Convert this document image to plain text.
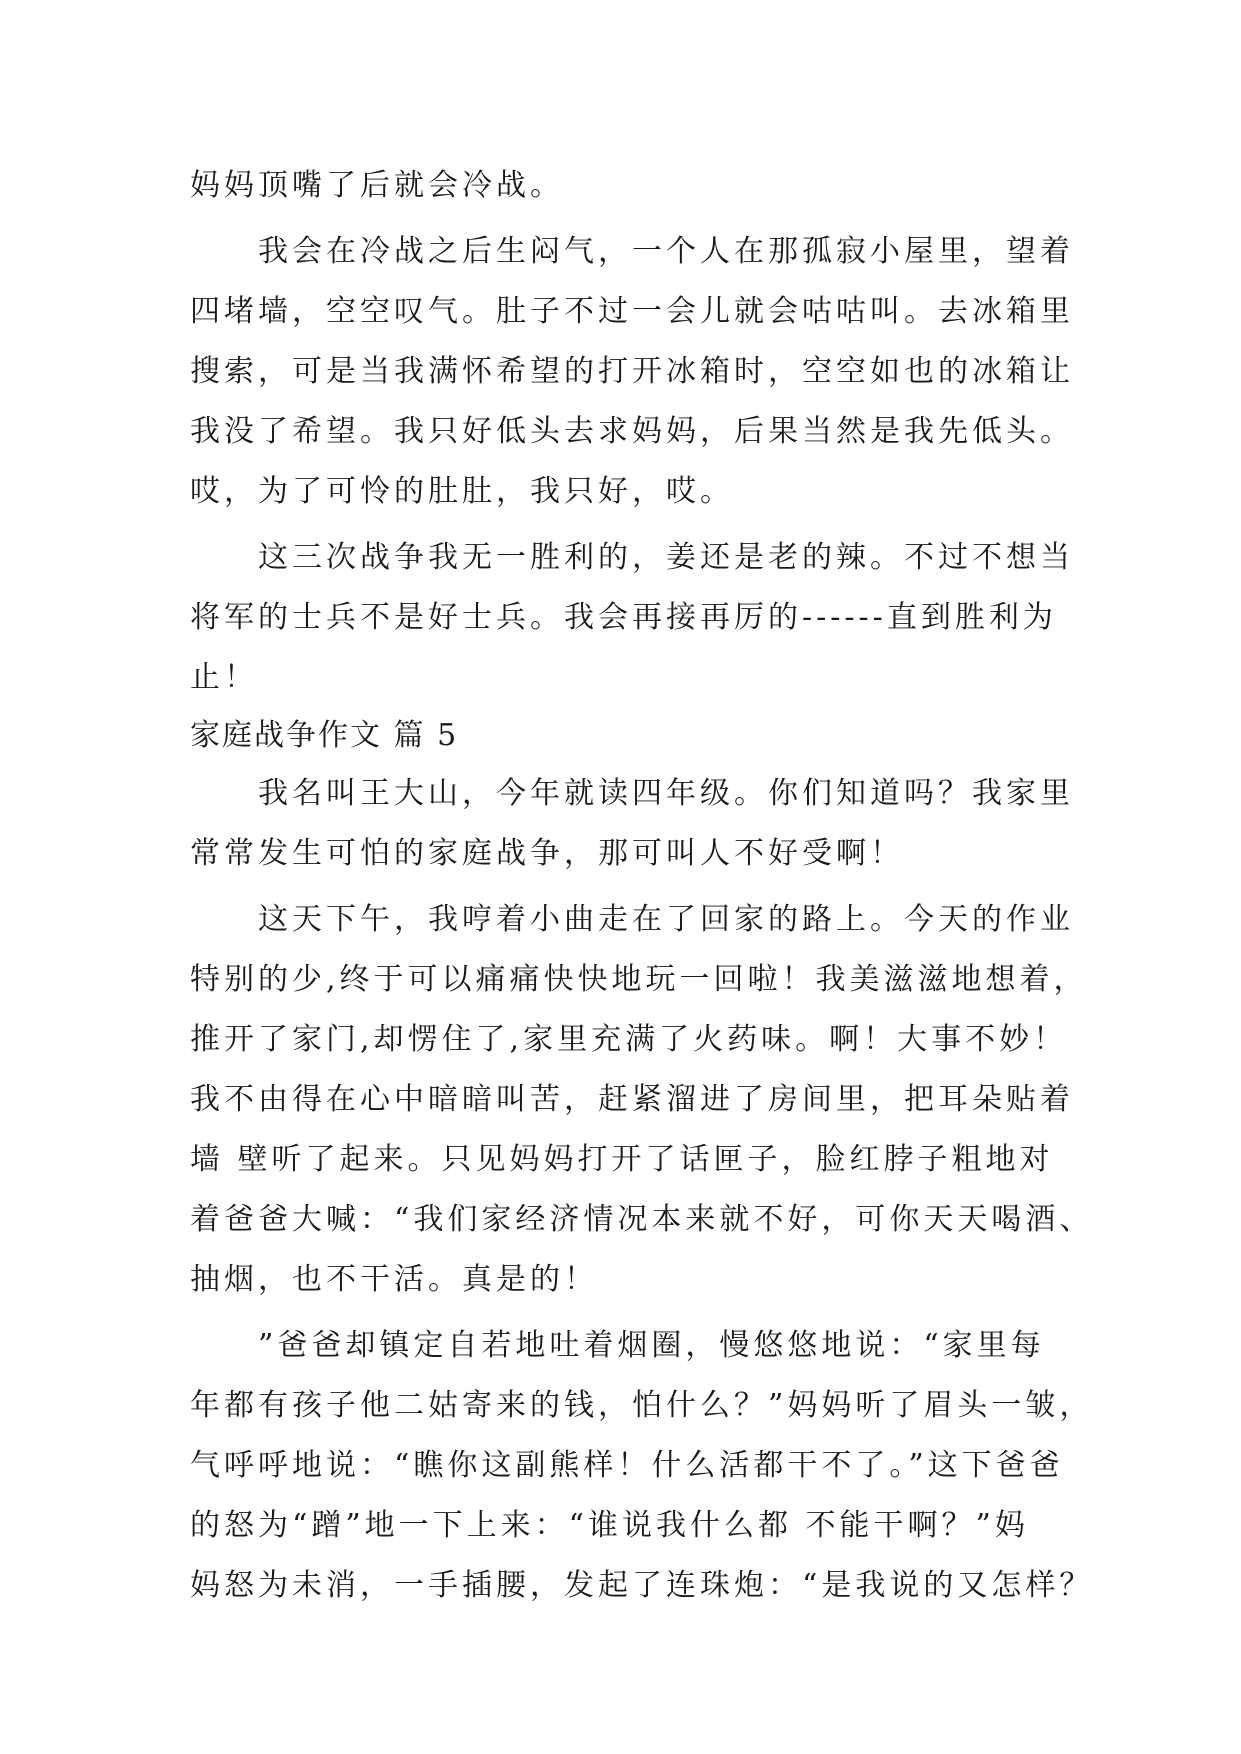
妈妈顶嘴了后就会冷战。
我会在冷战之后生闷气，一个人在那孤寂小屋里，望着
四堵墙，空空叹气。肚子不过一会儿就会咕咕叫。去冰箱里
搜索，可是当我满怀希望的打开冰箱时，空空如也的冰箱让
我没了希望。我只好低头去求妈妈，后果当然是我先低头。
哎，为了可怜的肚肚，我只好，哎。
这三次战争我无一胜利的，姜还是老的辣。不过不想当
将军的士兵不是好士兵。我会再接再厉的------直到胜利为
止！
家庭战争作文 篇 5
我名叫王大山，今年就读四年级。你们知道吗？我家里
常常发生可怕的家庭战争，那可叫人不好受啊！
这天下午，我哼着小曲走在了回家的路上。今天的作业
特别的少,终于可以痛痛快快地玩一回啦！我美滋滋地想着，
推开了家门,却愣住了,家里充满了火药味。啊！大事不妙！
我不由得在心中暗暗叫苦，赶紧溜进了房间里，把耳朵贴着
墙 壁听了起来。只见妈妈打开了话匣子，脸红脖子粗地对
着爸爸大喊：“我们家经济情况本来就不好，可你天天喝酒、
抽烟，也不干活。真是的！
”爸爸却镇定自若地吐着烟圈，慢悠悠地说：“家里每
年都有孩子他二姑寄来的钱，怕什么？”妈妈听了眉头一皱，
气呼呼地说：“瞧你这副熊样！什么活都干不了。”这下爸爸
的怒为“蹭”地一下上来：“谁说我什么都 不能干啊？”妈
妈怒为未消，一手插腰，发起了连珠炮：“是我说的又怎样？
